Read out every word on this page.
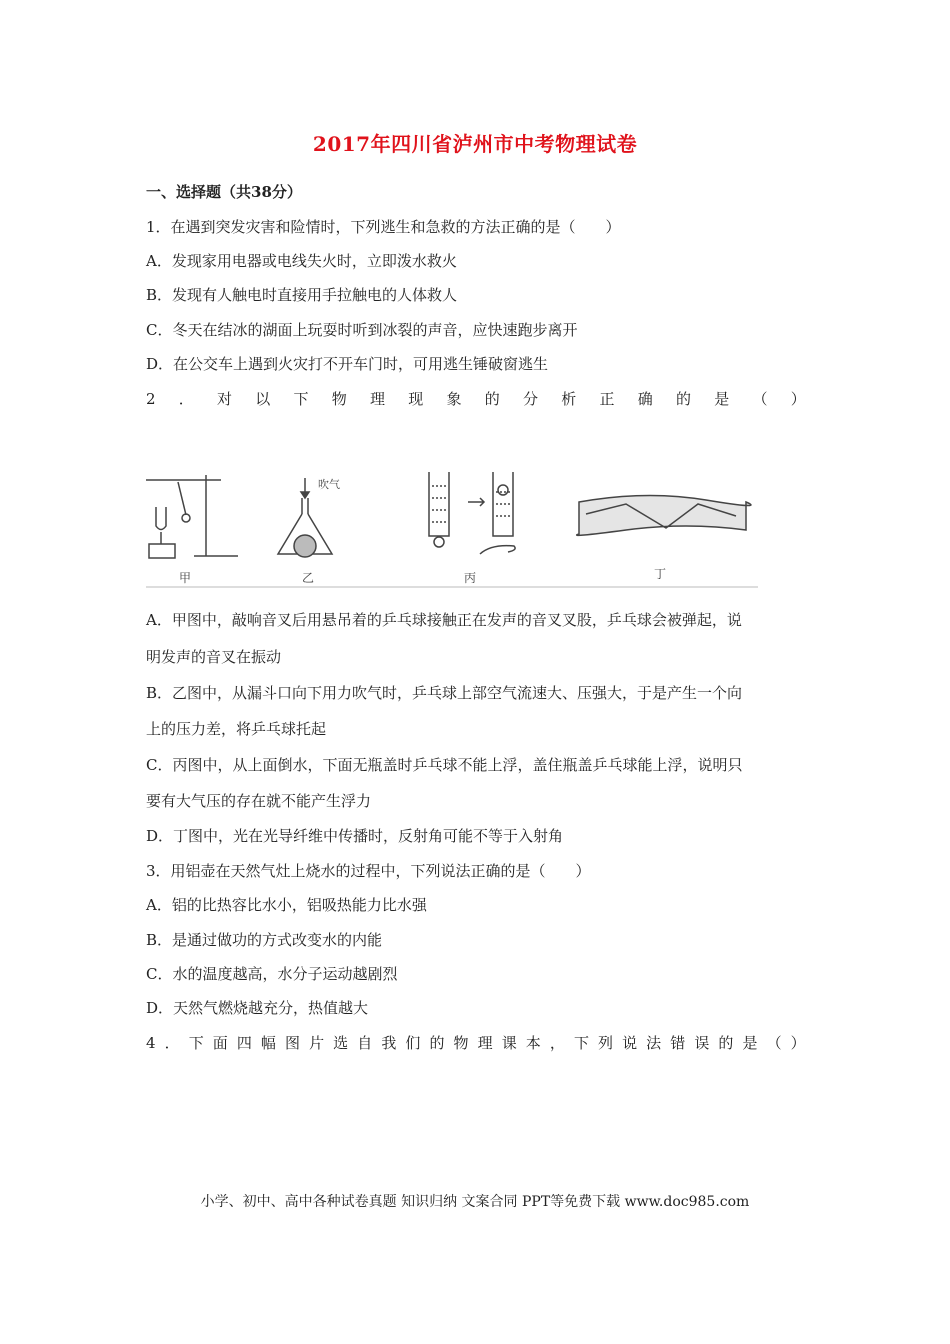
2017年四川省泸州市中考物理试卷
一、选择题（共38分）
1．在遇到突发灾害和险情时，下列逃生和急救的方法正确的是（　　）
A．发现家用电器或电线失火时，立即泼水救火
B．发现有人触电时直接用手拉触电的人体救人
C．冬天在结冰的湖面上玩耍时听到冰裂的声音，应快速跑步离开
D．在公交车上遇到火灾打不开车门时，可用逃生锤破窗逃生
2 ． 对 以 下 物 理 现 象 的 分 析 正 确 的 是 （ ）
甲
吹气
乙	丙	丁
A．甲图中，敲响音叉后用悬吊着的乒乓球接触正在发声的音叉叉股，乒乓球会被弹起，说
明发声的音叉在振动
B．乙图中，从漏斗口向下用力吹气时，乒乓球上部空气流速大、压强大，于是产生一个向
上的压力差，将乒乓球托起
C．丙图中，从上面倒水，下面无瓶盖时乒乓球不能上浮，盖住瓶盖乒乓球能上浮，说明只
要有大气压的存在就不能产生浮力
D．丁图中，光在光导纤维中传播时，反射角可能不等于入射角
3．用铝壶在天然气灶上烧水的过程中，下列说法正确的是（　　）
A．铝的比热容比水小，铝吸热能力比水强
B．是通过做功的方式改变水的内能
C．水的温度越高，水分子运动越剧烈
D．天然气燃烧越充分，热值越大
4 ． 下 面 四 幅 图 片 选 自 我 们 的 物 理 课 本 ， 下 列 说 法 错 误 的 是 （ ）
小学、初中、高中各种试卷真题 知识归纳 文案合同 PPT等免费下载 www.doc985.com
